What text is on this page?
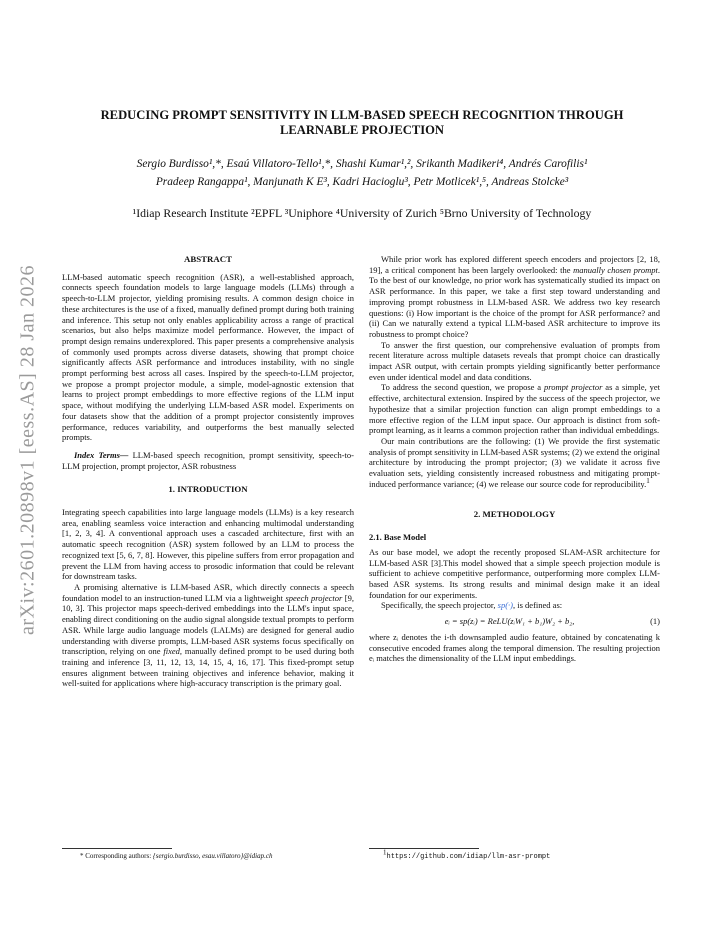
arXiv:2601.20898v1 [eess.AS] 28 Jan 2026
REDUCING PROMPT SENSITIVITY IN LLM-BASED SPEECH RECOGNITION THROUGH LEARNABLE PROJECTION
Sergio Burdisso¹,*, Esaú Villatoro-Tello¹,*, Shashi Kumar¹,², Srikanth Madikeri⁴, Andrés Carofilis¹
Pradeep Rangappa¹, Manjunath K E³, Kadri Hacioglu³, Petr Motlicek¹,⁵, Andreas Stolcke³
¹Idiap Research Institute ²EPFL ³Uniphore ⁴University of Zurich ⁵Brno University of Technology
ABSTRACT

LLM-based automatic speech recognition (ASR), a well-established approach, connects speech foundation models to large language models (LLMs) through a speech-to-LLM projector, yielding promising results. A common design choice in these architectures is the use of a fixed, manually defined prompt during both training and inference. This setup not only enables applicability across a range of practical scenarios, but also helps maximize model performance. However, the impact of prompt design remains underexplored. This paper presents a comprehensive analysis of commonly used prompts across diverse datasets, showing that prompt choice significantly affects ASR performance and introduces instability, with no single prompt performing best across all cases. Inspired by the speech-to-LLM projector, we propose a prompt projector module, a simple, model-agnostic extension that learns to project prompt embeddings to more effective regions of the LLM input space, without modifying the underlying LLM-based ASR model. Experiments on four datasets show that the addition of a prompt projector consistently improves performance, reduces variability, and outperforms the best manually selected prompts.

Index Terms— LLM-based speech recognition, prompt sensitivity, speech-to-LLM projection, prompt projector, ASR robustness

1. INTRODUCTION

Integrating speech capabilities into large language models (LLMs) is a key research area, enabling seamless voice interaction and enhancing multimodal understanding [1, 2, 3, 4]. A conventional approach uses a cascaded architecture, first with an automatic speech recognition (ASR) system followed by an LLM to process the recognized text [5, 6, 7, 8]. However, this pipeline suffers from error propagation and prevent the LLM from having access to prosodic information that could be relevant for downstream tasks.

A promising alternative is LLM-based ASR, which directly connects a speech foundation model to an instruction-tuned LLM via a lightweight speech projector [9, 10, 3]. This projector maps speech-derived embeddings into the LLM's input space, enabling direct conditioning on the audio signal alongside textual prompts to perform ASR. While large audio language models (LALMs) are designed for general audio understanding with diverse prompts, LLM-based ASR systems focus specifically on transcription, relying on one fixed, manually defined prompt to be used during both training and inference [3, 11, 12, 13, 14, 15, 4, 16, 17]. This fixed-prompt setup ensures alignment between training objectives and inference behavior, making it well-suited for applications where high-accuracy transcription is the primary goal.

* Corresponding authors: {sergio.burdisso, esau.villatoro}@idiap.ch

While prior work has explored different speech encoders and projectors [2, 18, 19], a critical component has been largely overlooked: the manually chosen prompt. To the best of our knowledge, no prior work has systematically studied its impact on ASR performance. In this paper, we take a first step toward understanding and improving prompt robustness in LLM-based ASR. We address two key research questions: (i) How important is the choice of the prompt for ASR performance? and (ii) Can we naturally extend a typical LLM-based ASR architecture to improve its robustness to prompt choice?

To answer the first question, our comprehensive evaluation of prompts from recent literature across multiple datasets reveals that prompt choice can drastically impact ASR output, with certain prompts yielding significantly better performance even under identical model and data conditions.

To address the second question, we propose a prompt projector as a simple, yet effective, architectural extension. Inspired by the success of the speech projector, we hypothesize that a similar projection function can align prompt embeddings to a more effective region of the LLM input space. Our approach is distinct from soft-prompt learning, as it learns a common projection rather than individual embeddings.

Our main contributions are the following: (1) We provide the first systematic analysis of prompt sensitivity in LLM-based ASR systems; (2) we extend the original architecture by introducing the prompt projector; (3) we validate it across five evaluation sets, yielding consistently increased robustness and mitigating prompt-induced performance variance; (4) we release our source code for reproducibility.$^1$

2. METHODOLOGY
2.1. Base Model

As our base model, we adopt the recently proposed SLAM-ASR architecture for LLM-based ASR [3].This model showed that a simple speech projection module is sufficient to achieve competitive performance, outperforming more complex LLM-based ASR systems. Its strong results and minimal design make it an ideal foundation for our experiments.

Specifically, the speech projector, sp(·), is defined as:

eᵢ = sp(zᵢ) = ReLU(zᵢW₁ + b₁)W₂ + b₂,	(1)

where zᵢ denotes the i-th downsampled audio feature, obtained by concatenating k consecutive encoded frames along the temporal dimension. The resulting projection eᵢ matches the dimensionality of the LLM input embeddings.

$^1$https://github.com/idiap/llm-asr-prompt
